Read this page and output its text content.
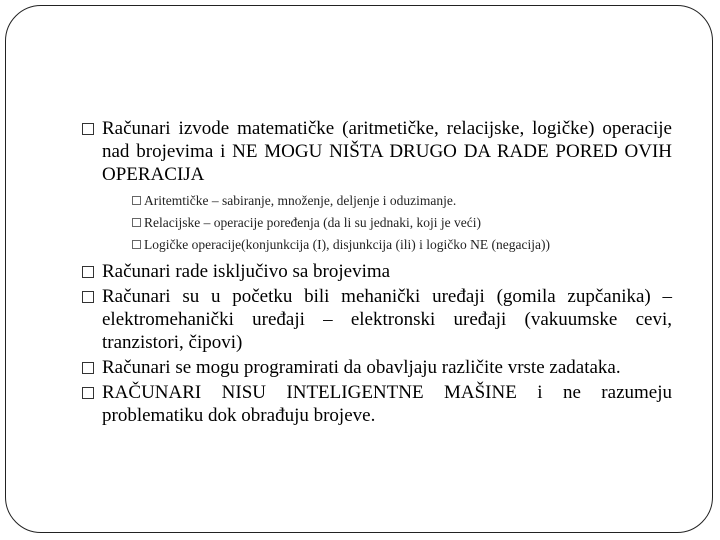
Računari izvode matematičke (aritmetičke, relacijske, logičke) operacije nad brojevima i NE MOGU NIŠTA DRUGO DA RADE PORED OVIH OPERACIJA
Aritemtičke – sabiranje, množenje, deljenje i oduzimanje.
Relacijske – operacije poređenja (da li su jednaki, koji je veći)
Logičke operacije(konjunkcija (I), disjunkcija (ili) i logičko NE (negacija))
Računari rade isključivo sa brojevima
Računari su u početku bili mehanički uređaji (gomila zupčanika) – elektromehanički uređaji – elektronski uređaji (vakuumske cevi, tranzistori, čipovi)
Računari se mogu programirati da obavljaju različite vrste zadataka.
RAČUNARI NISU INTELIGENTNE MAŠINE i ne razumeju problematiku dok obrađuju brojeve.
